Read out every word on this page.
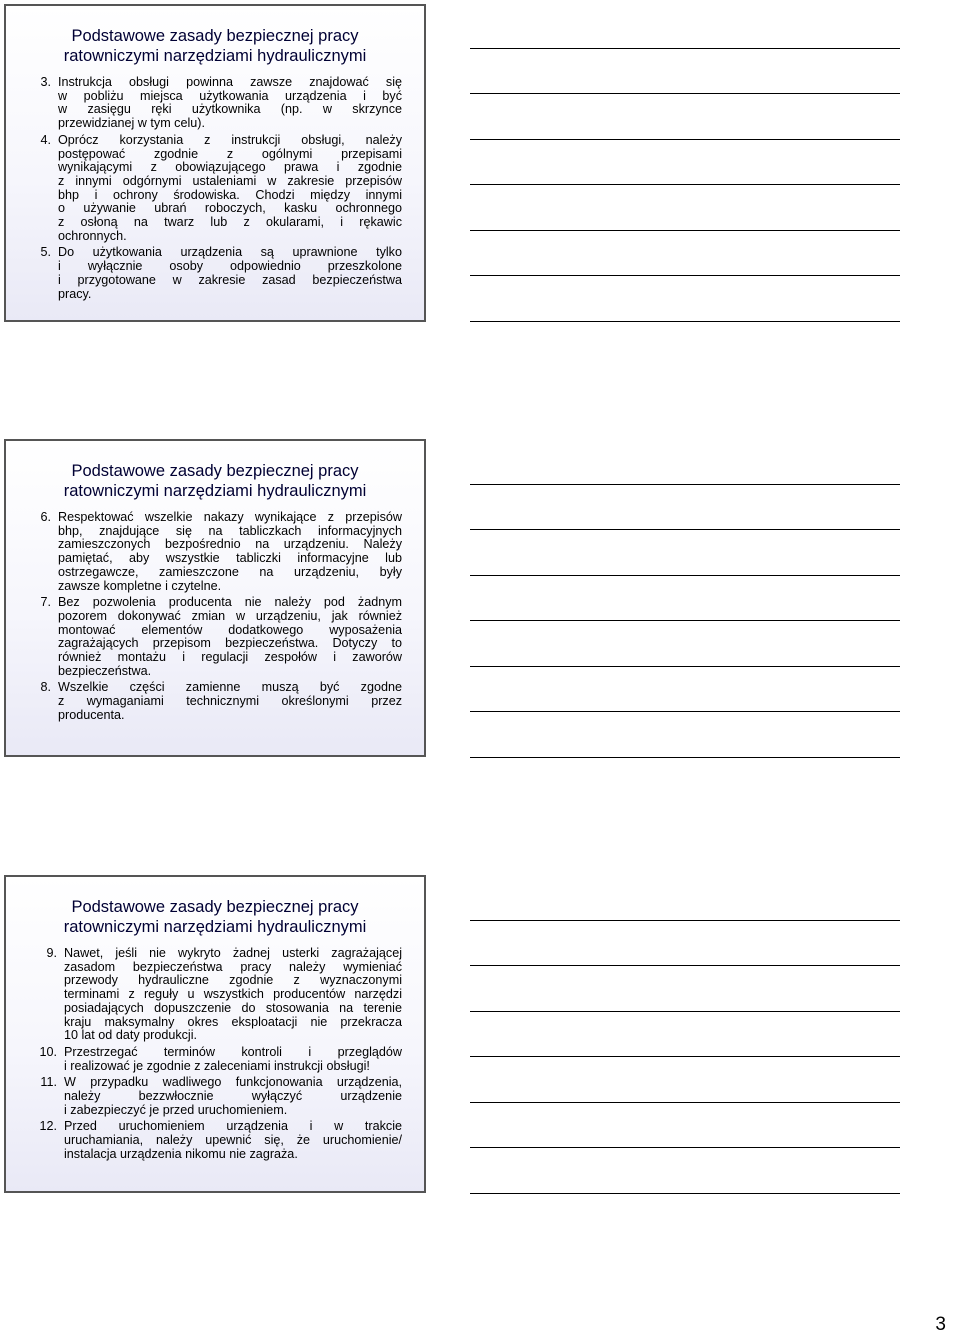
Podstawowe zasady bezpiecznej pracy
ratowniczymi narzędziami hydraulicznymi
3. Instrukcja obsługi powinna zawsze znajdować się
w pobliżu miejsca użytkowania urządzenia i być
w zasięgu ręki użytkownika (np. w skrzynce
przewidzianej w tym celu).
4. Oprócz korzystania z instrukcji obsługi, należy
postępować zgodnie z ogólnymi przepisami
wynikającymi z obowiązującego prawa i zgodnie
z innymi odgórnymi ustaleniami w zakresie przepisów
bhp i ochrony środowiska. Chodzi między innymi
o używanie ubrań roboczych, kasku ochronnego
z osłoną na twarz lub z okularami, i rękawic
ochronnych.
5. Do użytkowania urządzenia są uprawnione tylko
i wyłącznie osoby odpowiednio przeszkolone
i przygotowane w zakresie zasad bezpieczeństwa
pracy.
Podstawowe zasady bezpiecznej pracy
ratowniczymi narzędziami hydraulicznymi
6. Respektować wszelkie nakazy wynikające z przepisów
bhp, znajdujące się na tabliczkach informacyjnych
zamieszczonych bezpośrednio na urządzeniu. Należy
pamiętać, aby wszystkie tabliczki informacyjne lub
ostrzegawcze, zamieszczone na urządzeniu, były
zawsze kompletne i czytelne.
7. Bez pozwolenia producenta nie należy pod żadnym
pozorem dokonywać zmian w urządzeniu, jak również
montować elementów dodatkowego wyposażenia
zagrażających przepisom bezpieczeństwa. Dotyczy to
również montażu i regulacji zespołów i zaworów
bezpieczeństwa.
8. Wszelkie części zamienne muszą być zgodne
z wymaganiami technicznymi określonymi przez
producenta.
Podstawowe zasady bezpiecznej pracy
ratowniczymi narzędziami hydraulicznymi
9. Nawet, jeśli nie wykryto żadnej usterki zagrażającej
zasadom bezpieczeństwa pracy należy wymieniać
przewody hydrauliczne zgodnie z wyznaczonymi
terminami z reguły u wszystkich producentów narzędzi
posiadających dopuszczenie do stosowania na terenie
kraju maksymalny okres eksploatacji nie przekracza
10 lat od daty produkcji.
10. Przestrzegać terminów kontroli i przeglądów
i realizować je zgodnie z zaleceniami instrukcji obsługi!
11. W przypadku wadliwego funkcjonowania urządzenia,
należy bezzwłocznie wyłączyć urządzenie
i zabezpieczyć je przed uruchomieniem.
12. Przed uruchomieniem urządzenia i w trakcie
uruchamiania, należy upewnić się, że uruchomienie/
instalacja urządzenia nikomu nie zagraża.
3
